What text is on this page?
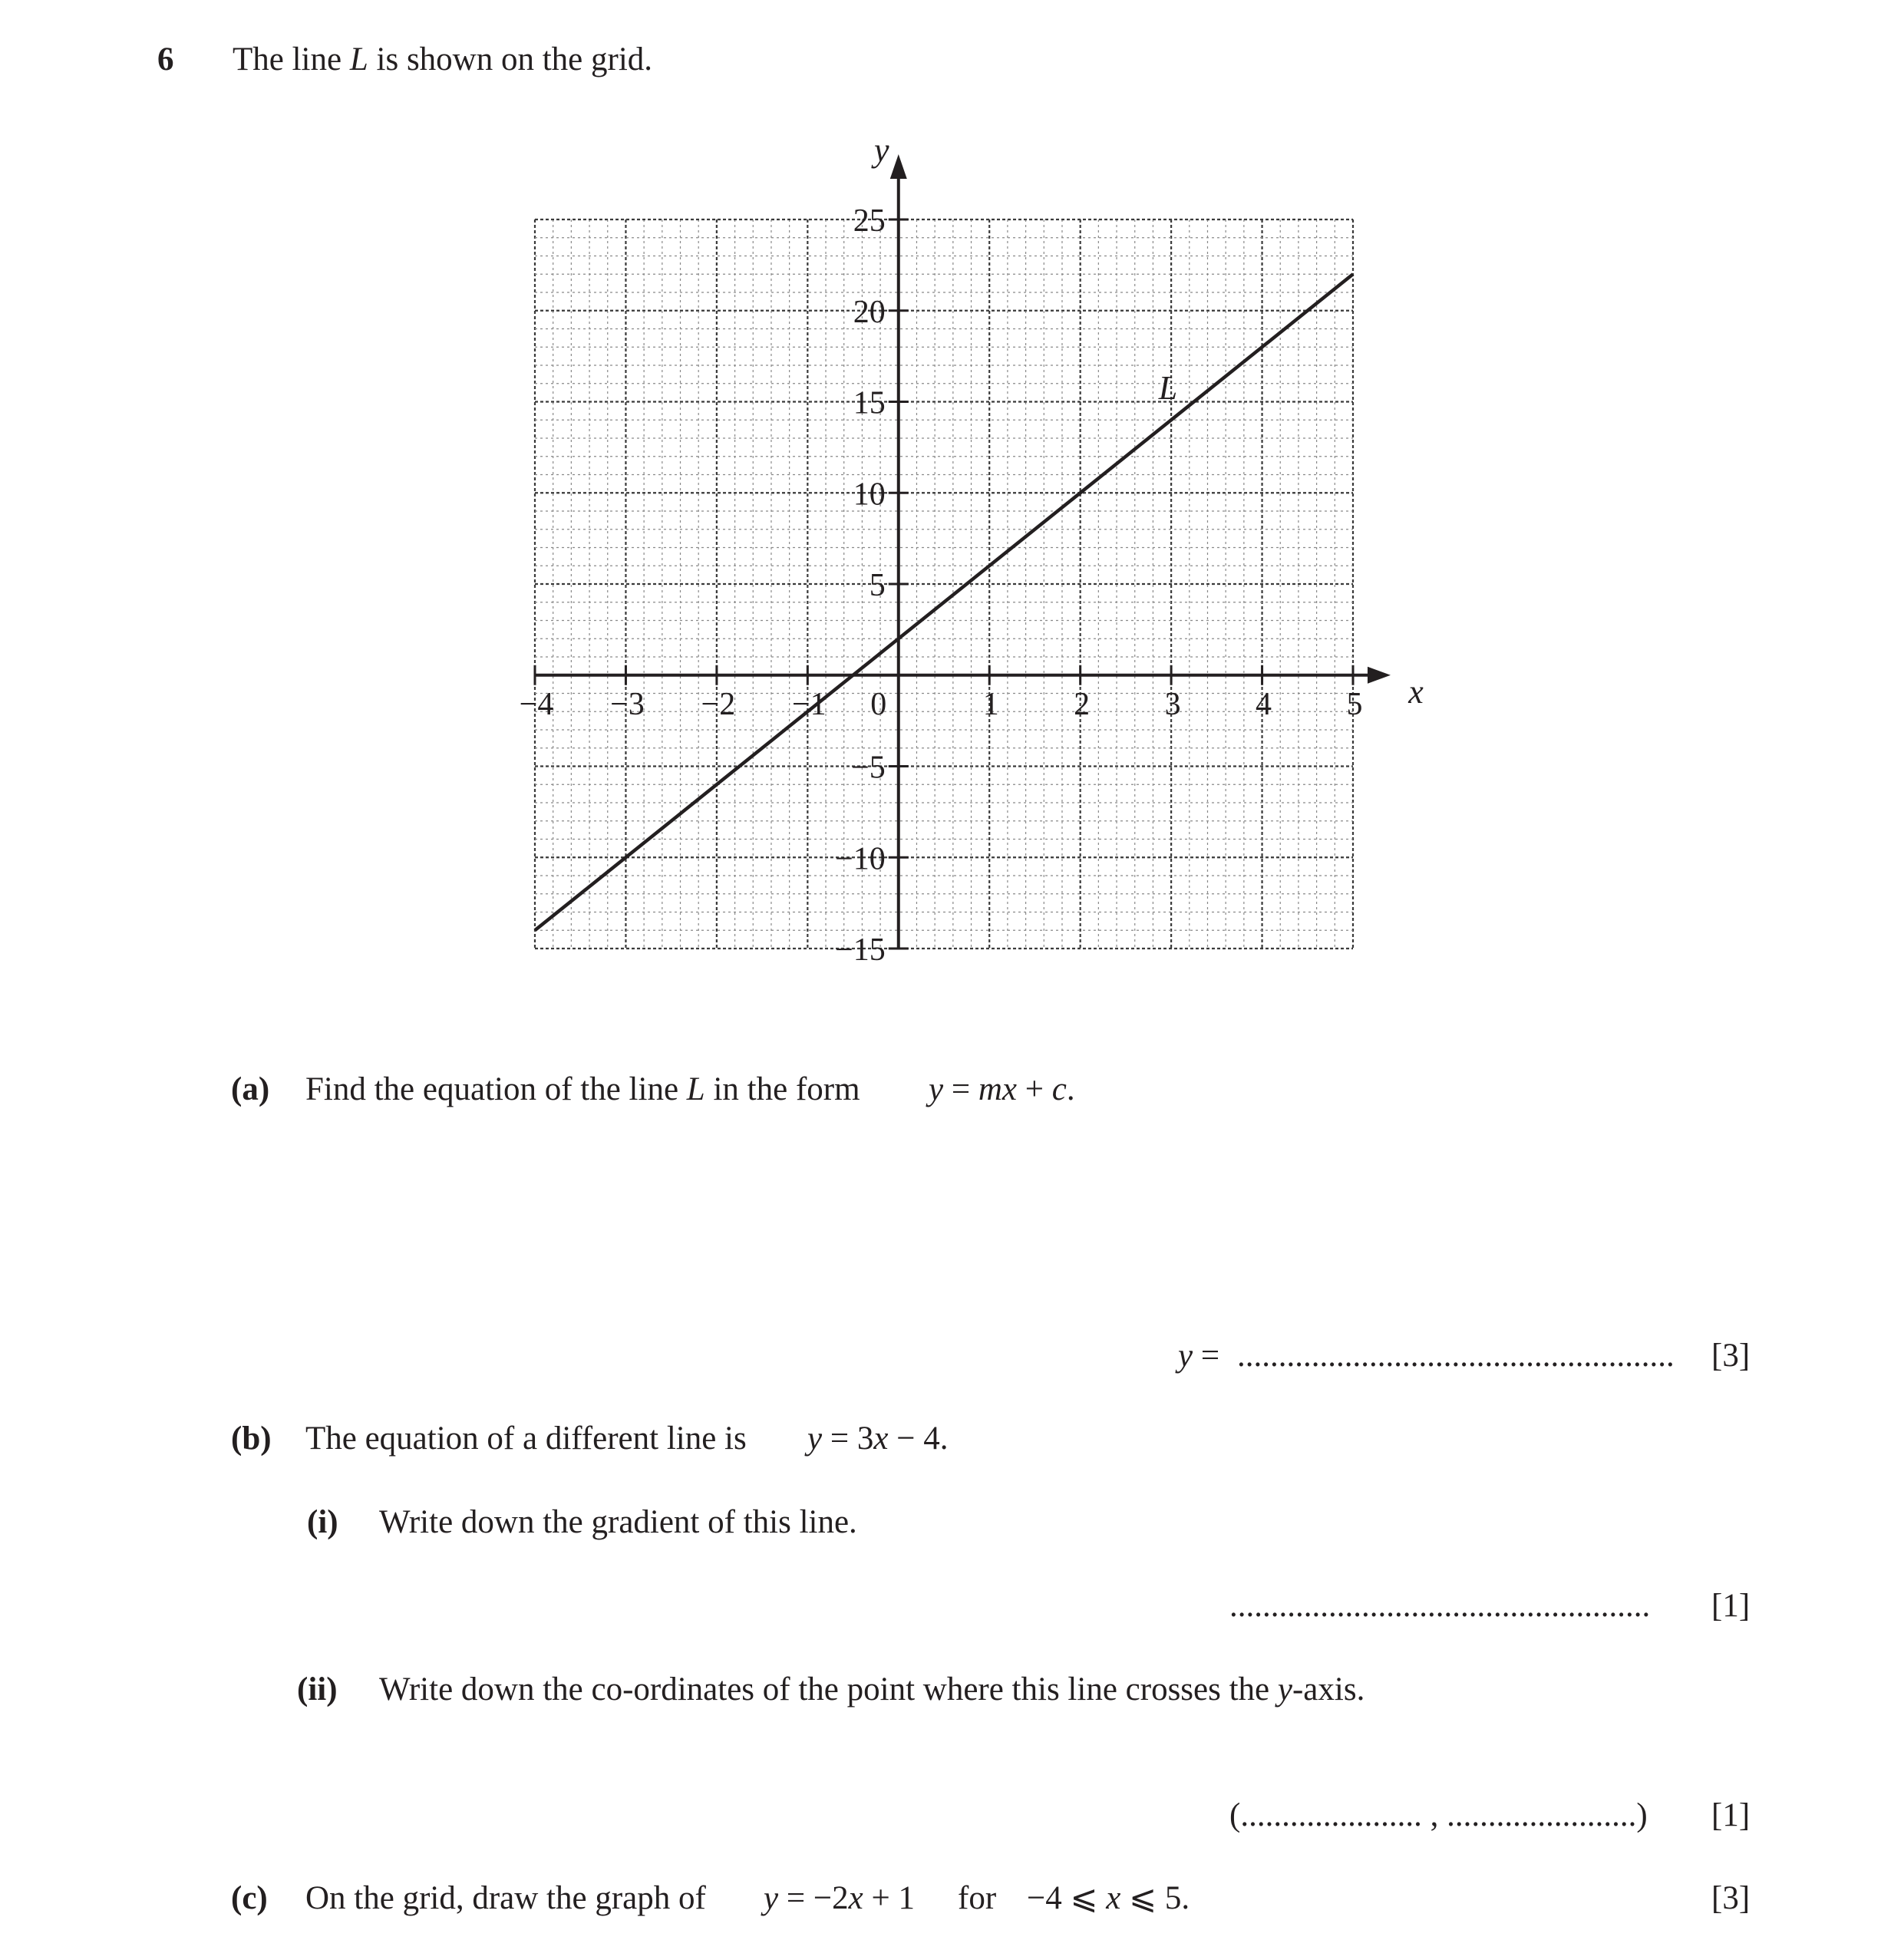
6 The line L is shown on the grid.
x
y
−4 −3 −2 −1 0	1 2 3 4 5
−15
−10
−5
5
10
15
20
25
L
(a) Find the equation of the line L in the form y = mx + c.
y = .....................................................	[3]
(b) The equation of a different line is y = 3x − 4.
(i) Write down the gradient of this line.
...................................................	[1]
(ii) Write down the co-ordinates of the point where this line crosses the y-axis.
(...................... , .......................) [1]
(c) On the grid, draw the graph of y = −2x + 1 for −4 ⩽ x ⩽ 5.	[3]
